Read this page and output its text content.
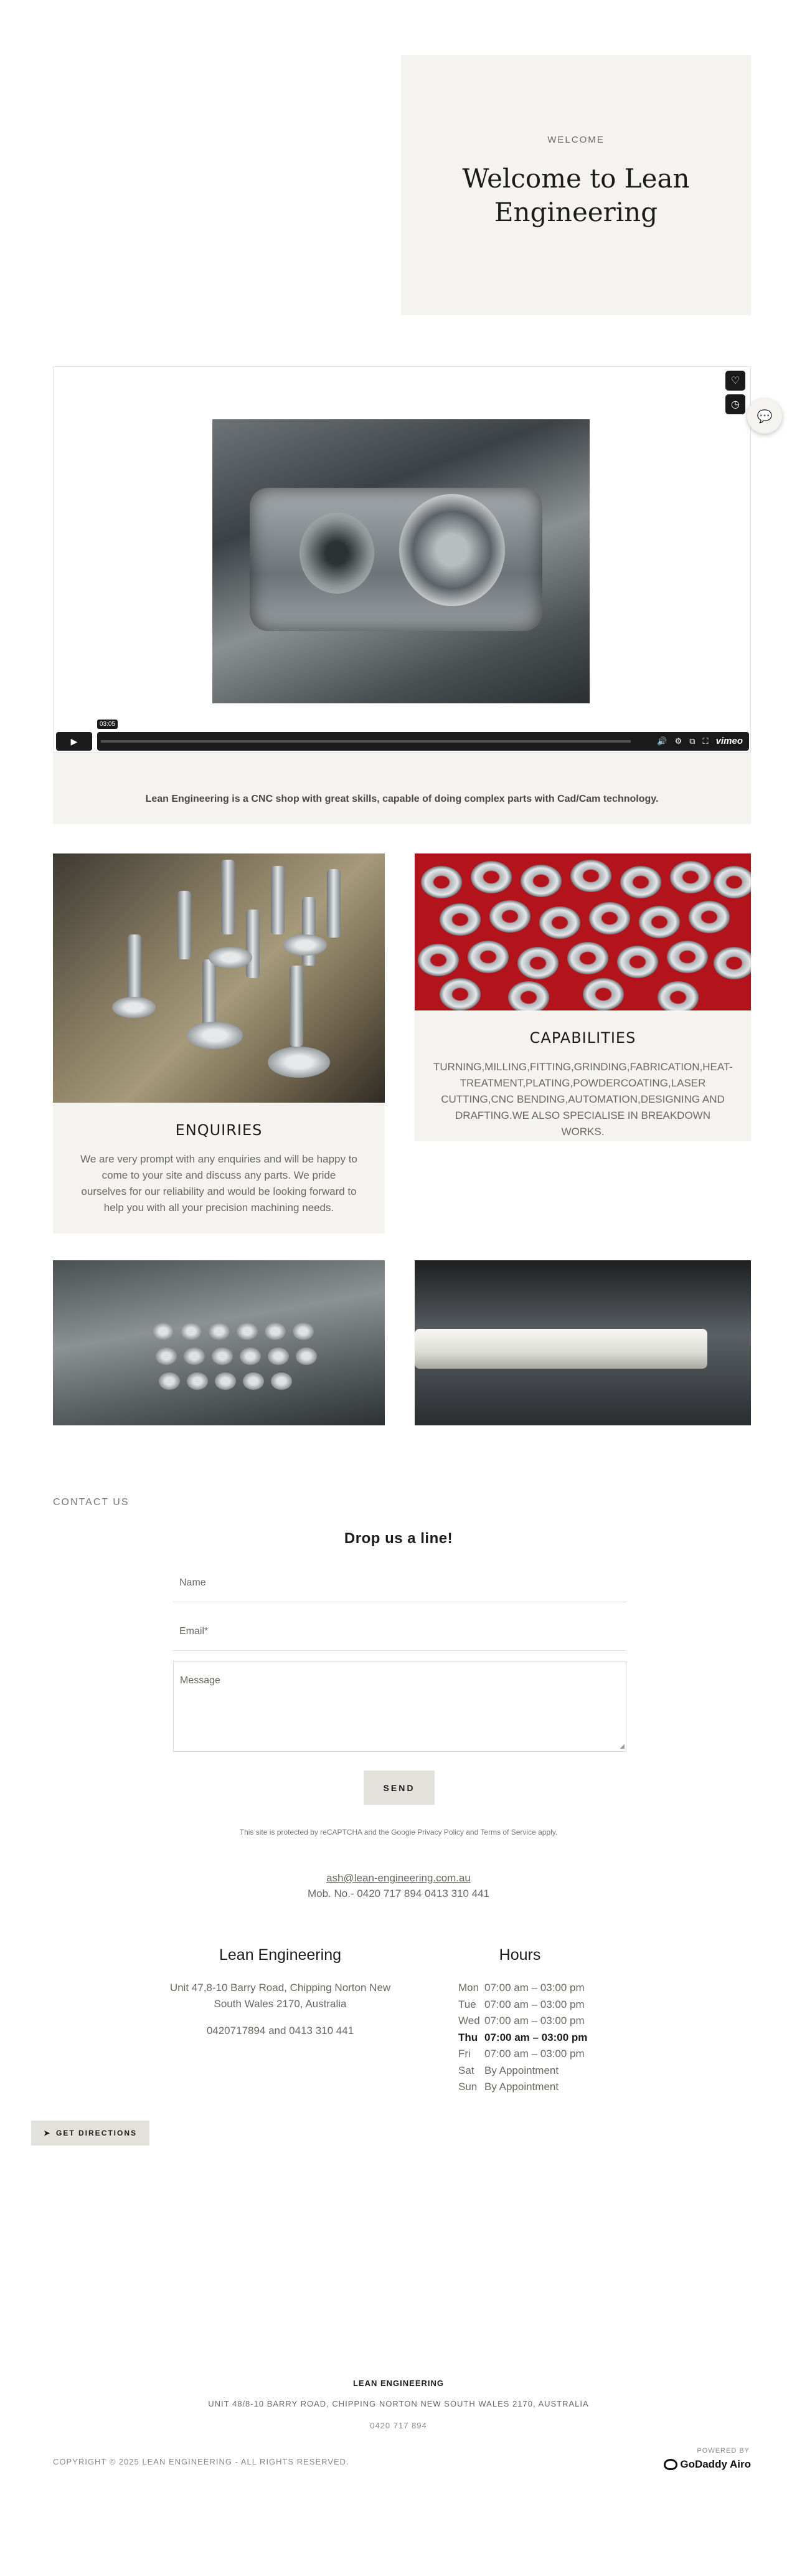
WELCOME
Welcome to Lean Engineering
♡
◷
▶
03:05
🔊 ⚙ ⧉ ⛶ vimeo
Lean Engineering is a CNC shop with great skills, capable of doing complex parts with Cad/Cam technology.
💬
ENQUIRIES

We are very prompt with any enquiries and will be happy to come to your site and discuss any parts. We pride ourselves for our reliability and would be looking forward to help you with all your precision machining needs.

CAPABILITIES

TURNING,MILLING,FITTING,GRINDING,FABRICATION,HEAT-TREATMENT,PLATING,POWDERCOATING,LASER CUTTING,CNC BENDING,AUTOMATION,DESIGNING AND DRAFTING.WE ALSO SPECIALISE IN BREAKDOWN WORKS.

CONTACT US
Drop us a line!
Name
Email*
Message
◢
SEND
This site is protected by reCAPTCHA and the Google Privacy Policy and Terms of Service apply.
ash@lean-engineering.com.au
Mob. No.- 0420 717 894 0413 310 441
Lean Engineering
Unit 47,8-10 Barry Road, Chipping Norton New South Wales 2170, Australia
0420717894 and 0413 310 441
Hours
Mon 07:00 am – 03:00 pm
Tue 07:00 am – 03:00 pm
Wed 07:00 am – 03:00 pm
Thu 07:00 am – 03:00 pm
Fri 07:00 am – 03:00 pm
Sat By Appointment
Sun By Appointment
➤ GET DIRECTIONS
LEAN ENGINEERING
UNIT 48/8-10 BARRY ROAD, CHIPPING NORTON NEW SOUTH WALES 2170, AUSTRALIA
0420 717 894
COPYRIGHT © 2025 LEAN ENGINEERING - ALL RIGHTS RESERVED.
POWERED BY
GoDaddy Airo
